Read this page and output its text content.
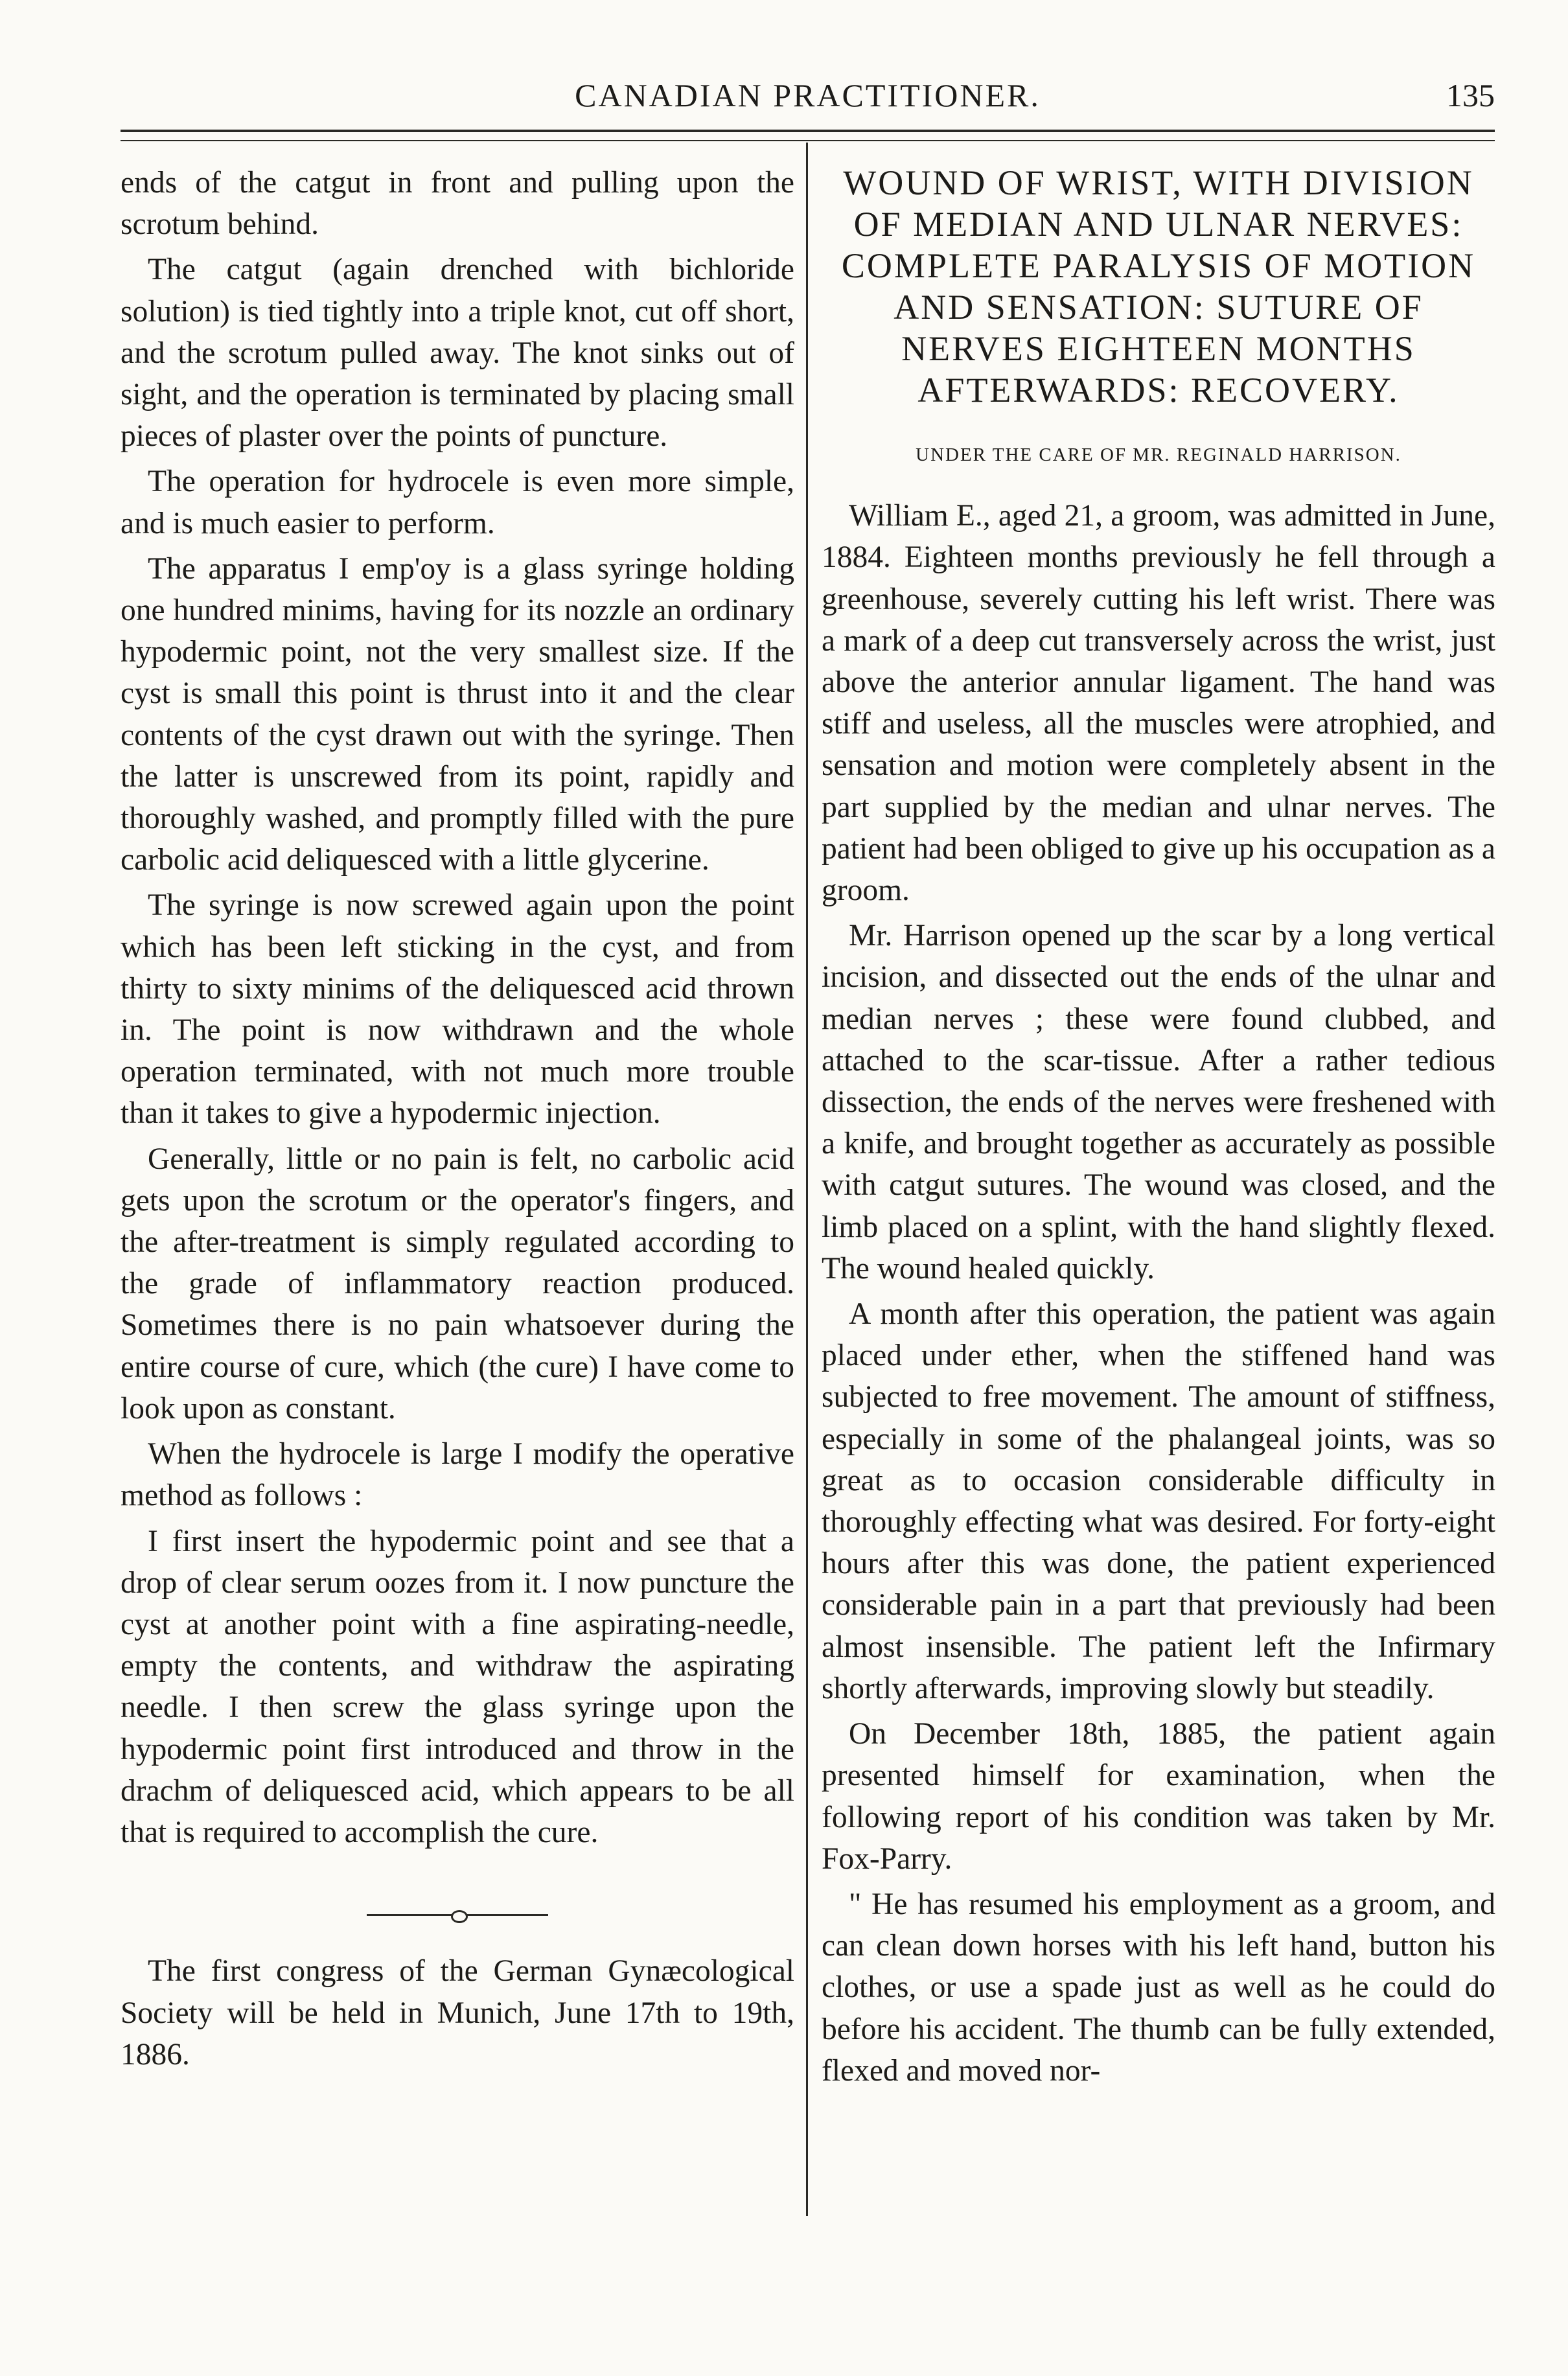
CANADIAN PRACTITIONER.	135

ends of the catgut in front and pulling upon the scrotum behind.

The catgut (again drenched with bichloride solution) is tied tightly into a triple knot, cut off short, and the scrotum pulled away. The knot sinks out of sight, and the operation is terminated by placing small pieces of plaster over the points of puncture.

The operation for hydrocele is even more simple, and is much easier to perform.

The apparatus I emp'oy is a glass syringe holding one hundred minims, having for its nozzle an ordinary hypodermic point, not the very smallest size. If the cyst is small this point is thrust into it and the clear contents of the cyst drawn out with the syringe. Then the latter is unscrewed from its point, rapidly and thoroughly washed, and promptly filled with the pure carbolic acid deliquesced with a little glycerine.

The syringe is now screwed again upon the point which has been left sticking in the cyst, and from thirty to sixty minims of the deliquesced acid thrown in. The point is now withdrawn and the whole operation terminated, with not much more trouble than it takes to give a hypodermic injection.

Generally, little or no pain is felt, no carbolic acid gets upon the scrotum or the operator's fingers, and the after-treatment is simply regulated according to the grade of inflammatory reaction produced. Sometimes there is no pain whatsoever during the entire course of cure, which (the cure) I have come to look upon as constant.

When the hydrocele is large I modify the operative method as follows :

I first insert the hypodermic point and see that a drop of clear serum oozes from it. I now puncture the cyst at another point with a fine aspirating-needle, empty the contents, and withdraw the aspirating needle. I then screw the glass syringe upon the hypodermic point first introduced and throw in the drachm of deliquesced acid, which appears to be all that is required to accomplish the cure.

The first congress of the German Gynæcological Society will be held in Munich, June 17th to 19th, 1886.

WOUND OF WRIST, WITH DIVISION OF MEDIAN AND ULNAR NERVES: COMPLETE PARALYSIS OF MOTION AND SENSATION: SUTURE OF NERVES EIGHTEEN MONTHS AFTERWARDS: RECOVERY.
UNDER THE CARE OF MR. REGINALD HARRISON.

William E., aged 21, a groom, was admitted in June, 1884. Eighteen months previously he fell through a greenhouse, severely cutting his left wrist. There was a mark of a deep cut transversely across the wrist, just above the anterior annular ligament. The hand was stiff and useless, all the muscles were atrophied, and sensation and motion were completely absent in the part supplied by the median and ulnar nerves. The patient had been obliged to give up his occupation as a groom.

Mr. Harrison opened up the scar by a long vertical incision, and dissected out the ends of the ulnar and median nerves ; these were found clubbed, and attached to the scar-tissue. After a rather tedious dissection, the ends of the nerves were freshened with a knife, and brought together as accurately as possible with catgut sutures. The wound was closed, and the limb placed on a splint, with the hand slightly flexed. The wound healed quickly.

A month after this operation, the patient was again placed under ether, when the stiffened hand was subjected to free movement. The amount of stiffness, especially in some of the phalangeal joints, was so great as to occasion considerable difficulty in thoroughly effecting what was desired. For forty-eight hours after this was done, the patient experienced considerable pain in a part that previously had been almost insensible. The patient left the Infirmary shortly afterwards, improving slowly but steadily.

On December 18th, 1885, the patient again presented himself for examination, when the following report of his condition was taken by Mr. Fox-Parry.

" He has resumed his employment as a groom, and can clean down horses with his left hand, button his clothes, or use a spade just as well as he could do before his accident. The thumb can be fully extended, flexed and moved nor-
